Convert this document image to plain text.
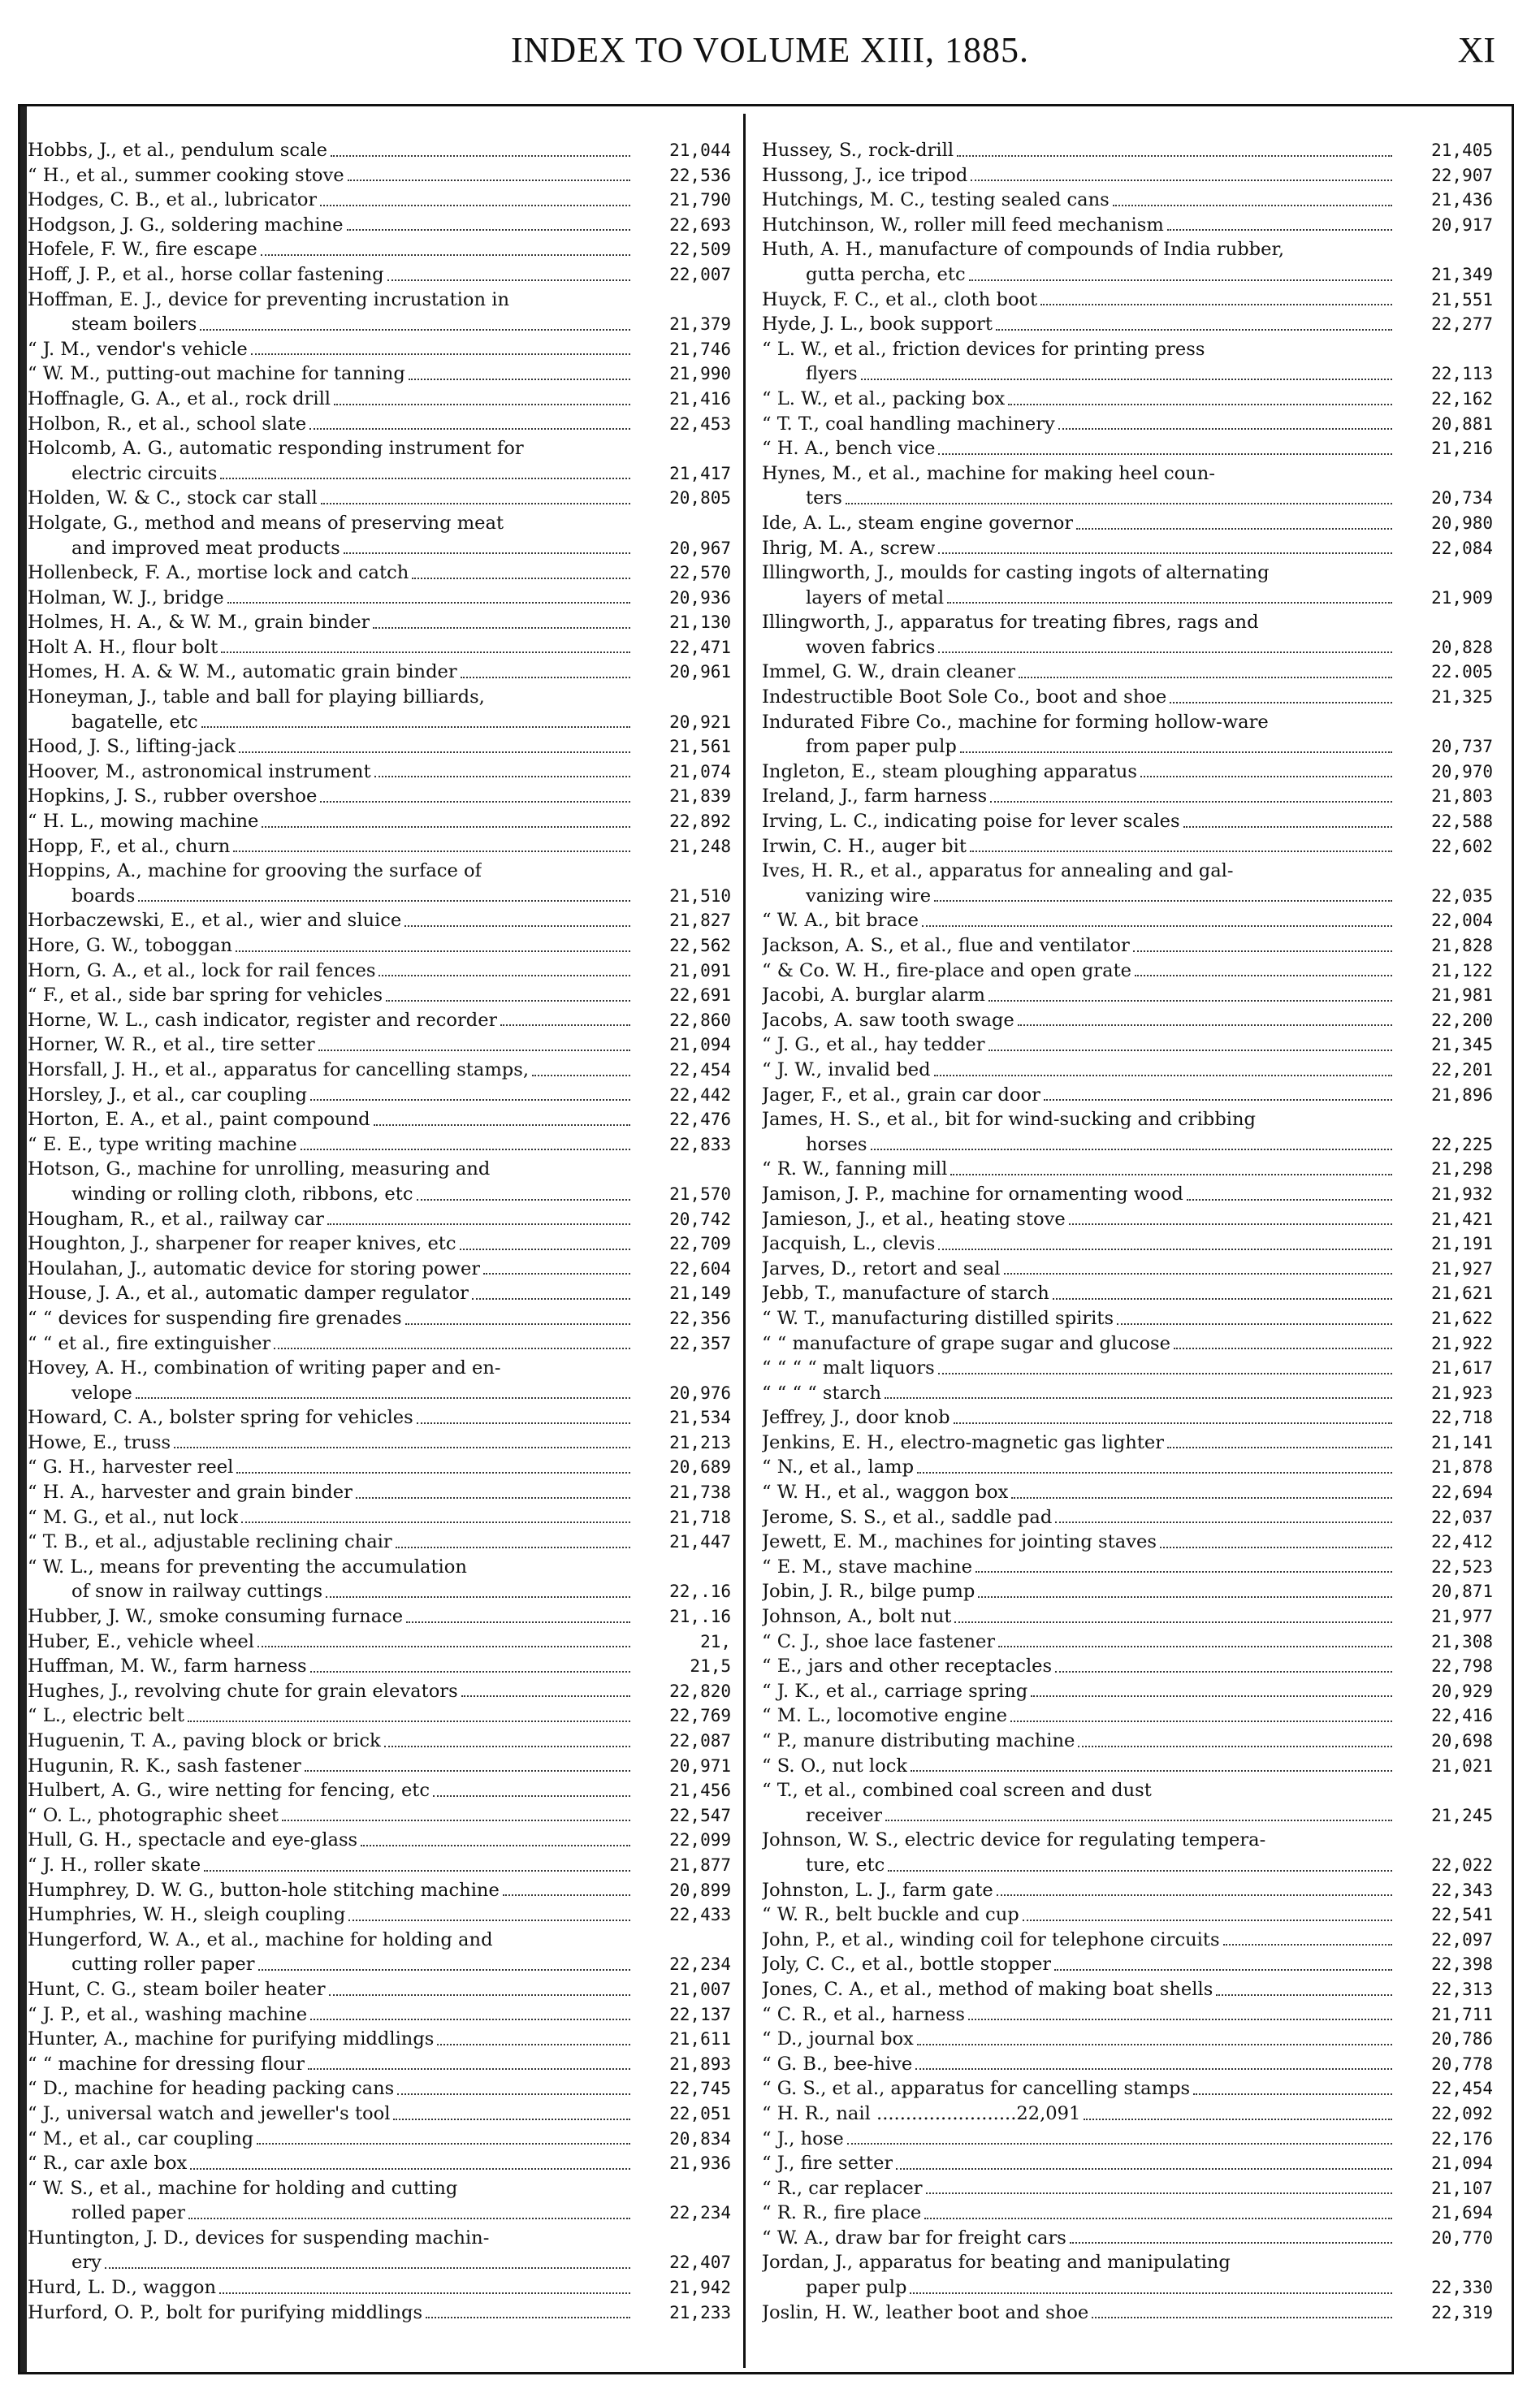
INDEX TO VOLUME XIII, 1885.	XI
Hobbs, J., et al., pendulum scale	21,044
“ H., et al., summer cooking stove	22,536
Hodges, C. B., et al., lubricator	21,790
Hodgson, J. G., soldering machine	22,693
Hofele, F. W., fire escape	22,509
Hoff, J. P., et al., horse collar fastening	22,007
Hoffman, E. J., device for preventing incrustation in
steam boilers	21,379
“ J. M., vendor's vehicle	21,746
“ W. M., putting-out machine for tanning	21,990
Hoffnagle, G. A., et al., rock drill	21,416
Holbon, R., et al., school slate	22,453
Holcomb, A. G., automatic responding instrument for
electric circuits	21,417
Holden, W. & C., stock car stall	20,805
Holgate, G., method and means of preserving meat
and improved meat products	20,967
Hollenbeck, F. A., mortise lock and catch	22,570
Holman, W. J., bridge	20,936
Holmes, H. A., & W. M., grain binder	21,130
Holt A. H., flour bolt	22,471
Homes, H. A. & W. M., automatic grain binder	20,961
Honeyman, J., table and ball for playing billiards,
bagatelle, etc	20,921
Hood, J. S., lifting-jack	21,561
Hoover, M., astronomical instrument	21,074
Hopkins, J. S., rubber overshoe	21,839
“ H. L., mowing machine	22,892
Hopp, F., et al., churn	21,248
Hoppins, A., machine for grooving the surface of
boards	21,510
Horbaczewski, E., et al., wier and sluice	21,827
Hore, G. W., toboggan	22,562
Horn, G. A., et al., lock for rail fences	21,091
“ F., et al., side bar spring for vehicles	22,691
Horne, W. L., cash indicator, register and recorder	22,860
Horner, W. R., et al., tire setter	21,094
Horsfall, J. H., et al., apparatus for cancelling stamps,	22,454
Horsley, J., et al., car coupling	22,442
Horton, E. A., et al., paint compound	22,476
“ E. E., type writing machine	22,833
Hotson, G., machine for unrolling, measuring and
winding or rolling cloth, ribbons, etc	21,570
Hougham, R., et al., railway car	20,742
Houghton, J., sharpener for reaper knives, etc	22,709
Houlahan, J., automatic device for storing power	22,604
House, J. A., et al., automatic damper regulator	21,149
“ “ devices for suspending fire grenades	22,356
“ “ et al., fire extinguisher	22,357
Hovey, A. H., combination of writing paper and en-
velope	20,976
Howard, C. A., bolster spring for vehicles	21,534
Howe, E., truss	21,213
“ G. H., harvester reel	20,689
“ H. A., harvester and grain binder	21,738
“ M. G., et al., nut lock	21,718
“ T. B., et al., adjustable reclining chair	21,447
“ W. L., means for preventing the accumulation
of snow in railway cuttings	22,.16
Hubber, J. W., smoke consuming furnace	21,.16
Huber, E., vehicle wheel	21,
Huffman, M. W., farm harness	21,5
Hughes, J., revolving chute for grain elevators	22,820
“ L., electric belt	22,769
Huguenin, T. A., paving block or brick	22,087
Hugunin, R. K., sash fastener	20,971
Hulbert, A. G., wire netting for fencing, etc	21,456
“ O. L., photographic sheet	22,547
Hull, G. H., spectacle and eye-glass	22,099
“ J. H., roller skate	21,877
Humphrey, D. W. G., button-hole stitching machine	20,899
Humphries, W. H., sleigh coupling	22,433
Hungerford, W. A., et al., machine for holding and
cutting roller paper	22,234
Hunt, C. G., steam boiler heater	21,007
“ J. P., et al., washing machine	22,137
Hunter, A., machine for purifying middlings	21,611
“ “ machine for dressing flour	21,893
“ D., machine for heading packing cans	22,745
“ J., universal watch and jeweller's tool	22,051
“ M., et al., car coupling	20,834
“ R., car axle box	21,936
“ W. S., et al., machine for holding and cutting
rolled paper	22,234
Huntington, J. D., devices for suspending machin-
ery	22,407
Hurd, L. D., waggon	21,942
Hurford, O. P., bolt for purifying middlings	21,233
Hussey, S., rock-drill	21,405
Hussong, J., ice tripod	22,907
Hutchings, M. C., testing sealed cans	21,436
Hutchinson, W., roller mill feed mechanism	20,917
Huth, A. H., manufacture of compounds of India rubber,
gutta percha, etc	21,349
Huyck, F. C., et al., cloth boot	21,551
Hyde, J. L., book support	22,277
“ L. W., et al., friction devices for printing press
flyers	22,113
“ L. W., et al., packing box	22,162
“ T. T., coal handling machinery	20,881
“ H. A., bench vice	21,216
Hynes, M., et al., machine for making heel coun-
ters	20,734
Ide, A. L., steam engine governor	20,980
Ihrig, M. A., screw	22,084
Illingworth, J., moulds for casting ingots of alternating
layers of metal	21,909
Illingworth, J., apparatus for treating fibres, rags and
woven fabrics	20,828
Immel, G. W., drain cleaner	22.005
Indestructible Boot Sole Co., boot and shoe	21,325
Indurated Fibre Co., machine for forming hollow-ware
from paper pulp	20,737
Ingleton, E., steam ploughing apparatus	20,970
Ireland, J., farm harness	21,803
Irving, L. C., indicating poise for lever scales	22,588
Irwin, C. H., auger bit	22,602
Ives, H. R., et al., apparatus for annealing and gal-
vanizing wire	22,035
“ W. A., bit brace	22,004
Jackson, A. S., et al., flue and ventilator	21,828
“ & Co. W. H., fire-place and open grate	21,122
Jacobi, A. burglar alarm	21,981
Jacobs, A. saw tooth swage	22,200
“ J. G., et al., hay tedder	21,345
“ J. W., invalid bed	22,201
Jager, F., et al., grain car door	21,896
James, H. S., et al., bit for wind-sucking and cribbing
horses	22,225
“ R. W., fanning mill	21,298
Jamison, J. P., machine for ornamenting wood	21,932
Jamieson, J., et al., heating stove	21,421
Jacquish, L., clevis	21,191
Jarves, D., retort and seal	21,927
Jebb, T., manufacture of starch	21,621
“ W. T., manufacturing distilled spirits	21,622
“ “ manufacture of grape sugar and glucose	21,922
“ “ “ “ malt liquors	21,617
“ “ “ “ starch	21,923
Jeffrey, J., door knob	22,718
Jenkins, E. H., electro-magnetic gas lighter	21,141
“ N., et al., lamp	21,878
“ W. H., et al., waggon box	22,694
Jerome, S. S., et al., saddle pad	22,037
Jewett, E. M., machines for jointing staves	22,412
“ E. M., stave machine	22,523
Jobin, J. R., bilge pump	20,871
Johnson, A., bolt nut	21,977
“ C. J., shoe lace fastener	21,308
“ E., jars and other receptacles	22,798
“ J. K., et al., carriage spring	20,929
“ M. L., locomotive engine	22,416
“ P., manure distributing machine	20,698
“ S. O., nut lock	21,021
“ T., et al., combined coal screen and dust
receiver	21,245
Johnson, W. S., electric device for regulating tempera-
ture, etc	22,022
Johnston, L. J., farm gate	22,343
“ W. R., belt buckle and cup	22,541
John, P., et al., winding coil for telephone circuits	22,097
Joly, C. C., et al., bottle stopper	22,398
Jones, C. A., et al., method of making boat shells	22,313
“ C. R., et al., harness	21,711
“ D., journal box	20,786
“ G. B., bee-hive	20,778
“ G. S., et al., apparatus for cancelling stamps	22,454
“ H. R., nail ........................22,091	22,092
“ J., hose	22,176
“ J., fire setter	21,094
“ R., car replacer	21,107
“ R. R., fire place	21,694
“ W. A., draw bar for freight cars	20,770
Jordan, J., apparatus for beating and manipulating
paper pulp	22,330
Joslin, H. W., leather boot and shoe	22,319
